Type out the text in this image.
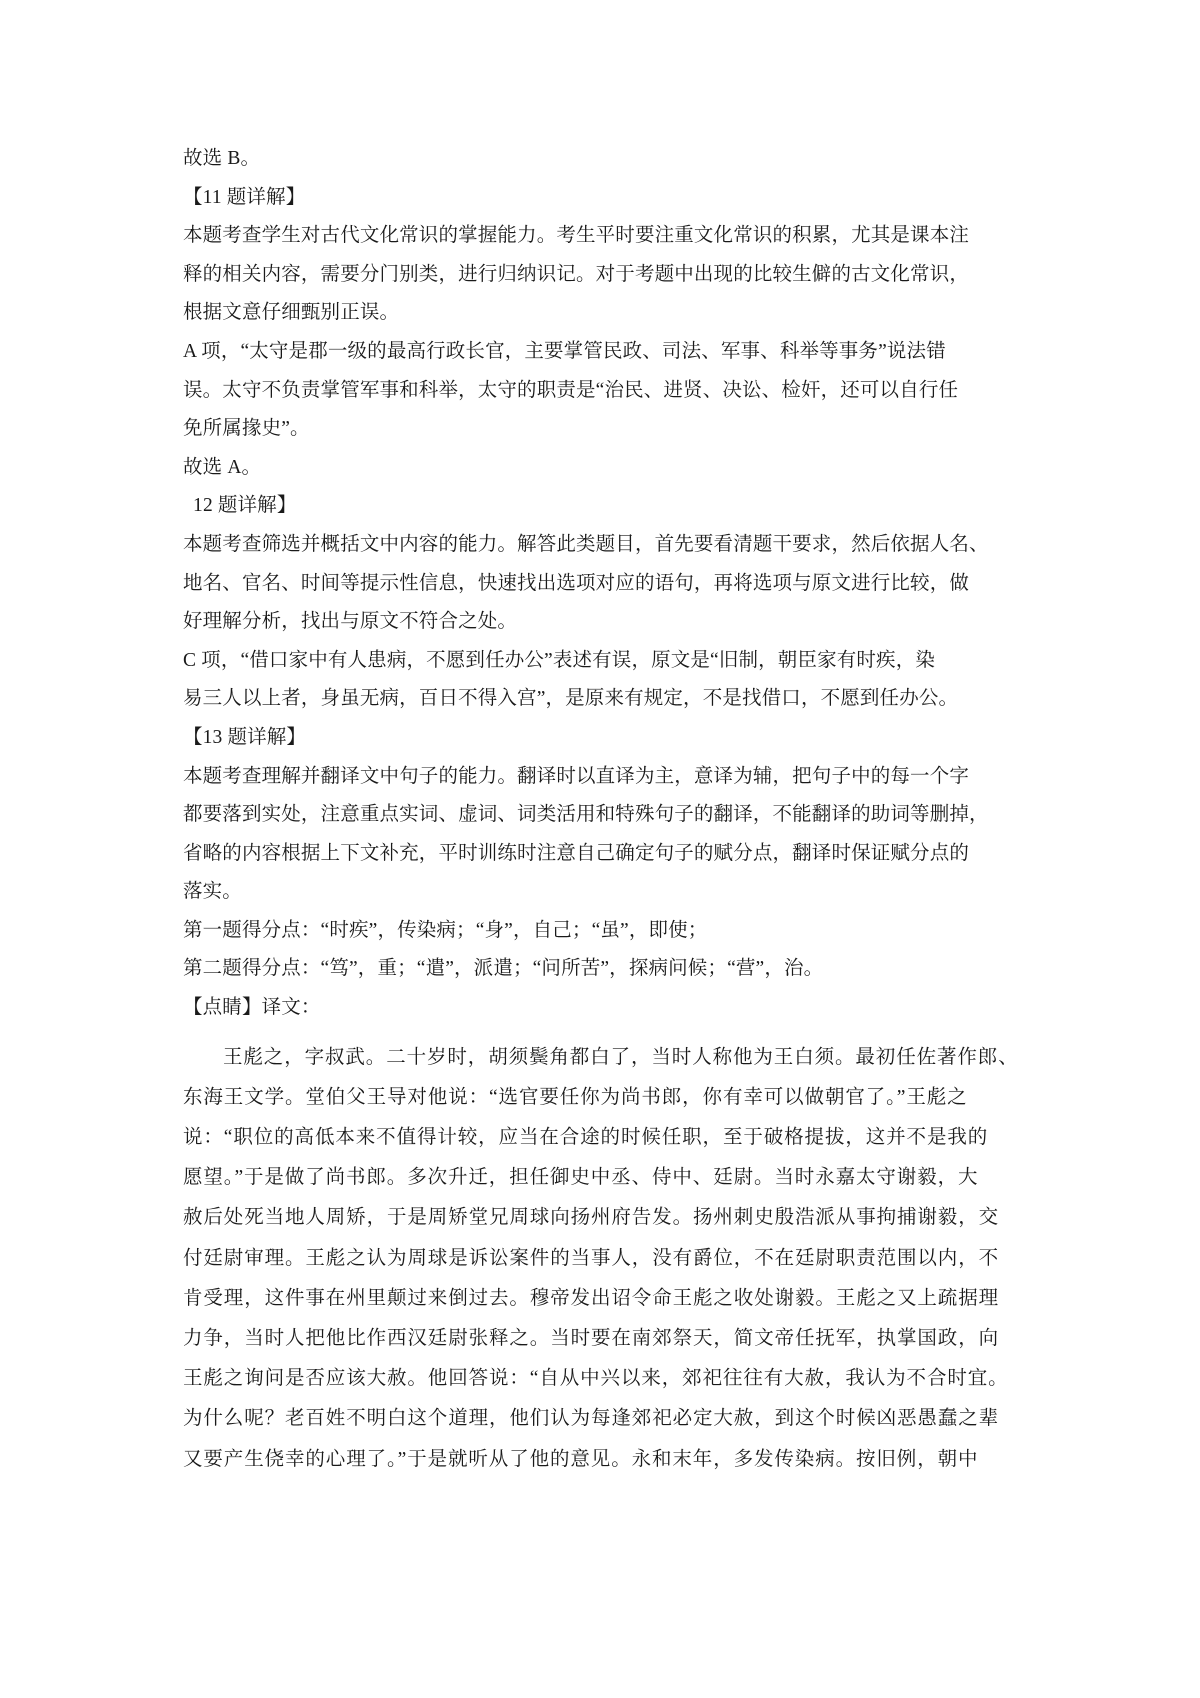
故选 B。
【11 题详解】
本题考查学生对古代文化常识的掌握能力。考生平时要注重文化常识的积累，尤其是课本注
释的相关内容，需要分门别类，进行归纳识记。对于考题中出现的比较生僻的古文化常识，
根据文意仔细甄别正误。
A 项，“太守是郡一级的最高行政长官，主要掌管民政、司法、军事、科举等事务”说法错
误。太守不负责掌管军事和科举，太守的职责是“治民、进贤、决讼、检奸，还可以自行任
免所属掾史”。
故选 A。
12 题详解】
本题考查筛选并概括文中内容的能力。解答此类题目，首先要看清题干要求，然后依据人名、
地名、官名、时间等提示性信息，快速找出选项对应的语句，再将选项与原文进行比较，做
好理解分析，找出与原文不符合之处。
C 项，“借口家中有人患病，不愿到任办公”表述有误，原文是“旧制，朝臣家有时疾，染
易三人以上者，身虽无病，百日不得入宫”，是原来有规定，不是找借口，不愿到任办公。
【13 题详解】
本题考查理解并翻译文中句子的能力。翻译时以直译为主，意译为辅，把句子中的每一个字
都要落到实处，注意重点实词、虚词、词类活用和特殊句子的翻译，不能翻译的助词等删掉，
省略的内容根据上下文补充，平时训练时注意自己确定句子的赋分点，翻译时保证赋分点的
落实。
第一题得分点：“时疾”，传染病；“身”，自己；“虽”，即使；
第二题得分点：“笃”，重；“遣”，派遣；“问所苦”，探病问候；“营”，治。
【点睛】译文：
王彪之，字叔武。二十岁时，胡须鬓角都白了，当时人称他为王白须。最初任佐著作郎、
东海王文学。堂伯父王导对他说：“选官要任你为尚书郎，你有幸可以做朝官了。”王彪之
说：“职位的高低本来不值得计较，应当在合途的时候任职，至于破格提拔，这并不是我的
愿望。”于是做了尚书郎。多次升迁，担任御史中丞、侍中、廷尉。当时永嘉太守谢毅，大
赦后处死当地人周矫，于是周矫堂兄周球向扬州府告发。扬州刺史殷浩派从事拘捕谢毅，交
付廷尉审理。王彪之认为周球是诉讼案件的当事人，没有爵位，不在廷尉职责范围以内，不
肯受理，这件事在州里颠过来倒过去。穆帝发出诏令命王彪之收处谢毅。王彪之又上疏据理
力争，当时人把他比作西汉廷尉张释之。当时要在南郊祭天，简文帝任抚军，执掌国政，向
王彪之询问是否应该大赦。他回答说：“自从中兴以来，郊祀往往有大赦，我认为不合时宜。
为什么呢？老百姓不明白这个道理，他们认为每逢郊祀必定大赦，到这个时候凶恶愚蠢之辈
又要产生侥幸的心理了。”于是就听从了他的意见。永和末年，多发传染病。按旧例，朝中
